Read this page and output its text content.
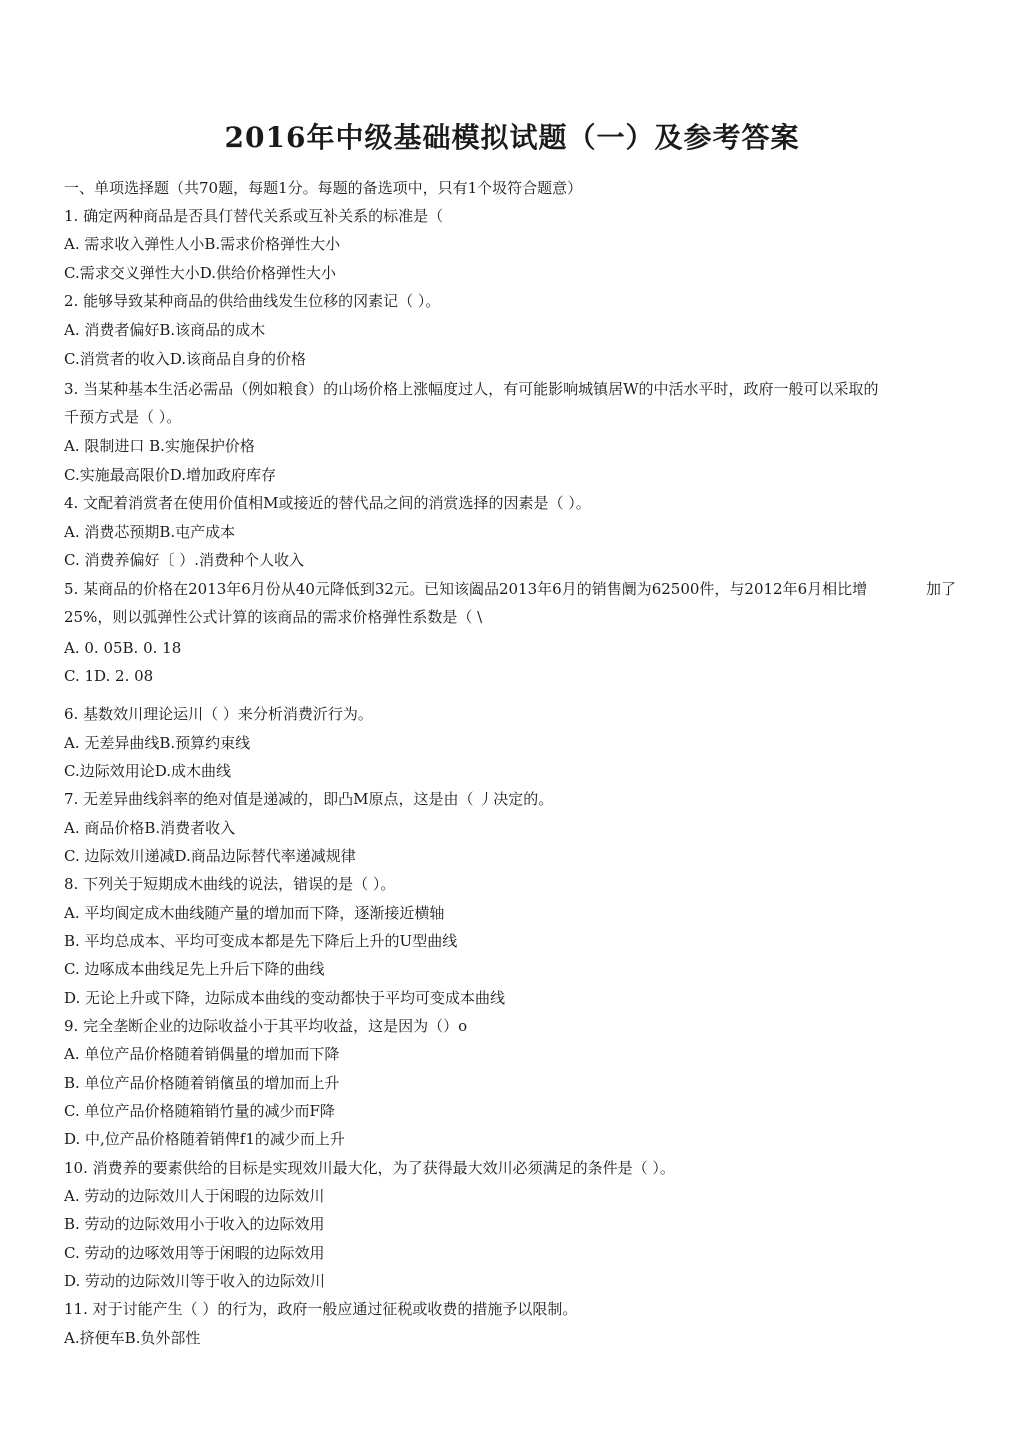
2016年中级基础模拟试题（一）及参考答案
一、单项选择题（共70题，每题1分。每题的备选项中，只有1个圾符合题意）
1. 确定两种商品是否具仃替代关系或互补关系的标准是（
A. 需求收入弹性人小B.需求价格弹性大小
C.需求交义弹性大小D.供给价格弹性大小
2. 能够导致某种商品的供给曲线发生位移的冈素记（ ）。
A. 消费者偏好B.该商品的成木
C.消赏者的收入D.该商品自身的价格
3. 当某种基本生活必需品（例如粮食）的山场价格上涨幅度过人，有可能影响城镇居W的中活水平时，政府一般可以采取的
千预方式是（ ）。
A. 限制进口 B.实施保护价格
C.实施最高限价D.增加政府库存
4. 文配着消赏者在使用价值相M或接近的替代品之间的消赏选择的因素是（ ）。
A. 消费芯预期B.屯产成本
C. 消费养偏好〔 ）.消费种个人收入
5. 某商品的价格在2013年6月份从40元降低到32元。已知该阖品2013年6月的销售阛为62500件，与2012年6月相比增	加了
25%，则以弧弹性公式计算的该商品的需求价格弹性系数是（ \
A. 0. 05B. 0. 18
C. 1D. 2. 08
6. 基数效川理论运川（ ）来分析消费沂行为。
A. 无差异曲线B.预算约束线
C.边际效用论D.成木曲线
7. 无差异曲线斜率的绝对值是递减的，即凸M原点，这是由（ 丿决定的。
A. 商品价格B.消费者收入
C. 边际效川递减D.商品边际替代率递减规律
8. 下列关于短期成木曲线的说法，错误的是（ ）。
A. 平均阆定成木曲线随产量的增加而下降，逐渐接近横轴
B. 平均总成本、平均可变成本都是先下降后上升的U型曲线
C. 边啄成本曲线足先上升后下降的曲线
D. 无论上升或下降，边际成本曲线的变动都快于平均可变成本曲线
9. 完全垄断企业的边际收益小于其平均收益，这是因为（）o
A. 单位产品价格随着销偶量的增加而下降
B. 单位产品价格随着销儐虽的增加而上升
C. 单位产品价格随箱销竹量的减少而F降
D. 中,位产品价格随着销俾f1的减少而上升
10. 消费养的要素供给的目标是实现效川最大化，为了获得最大效川必须满足的条件是（ ）。
A. 劳动的边际效川人于闲暇的边际效川
B. 劳动的边际效用小于收入的边际效用
C. 劳动的边啄效用等于闲暇的边际效用
D. 劳动的边际效川等于收入的边际效川
11. 对于讨能产生（ ）的行为，政府一般应通过征税或收费的措施予以限制。
A.挤便车B.负外部性
